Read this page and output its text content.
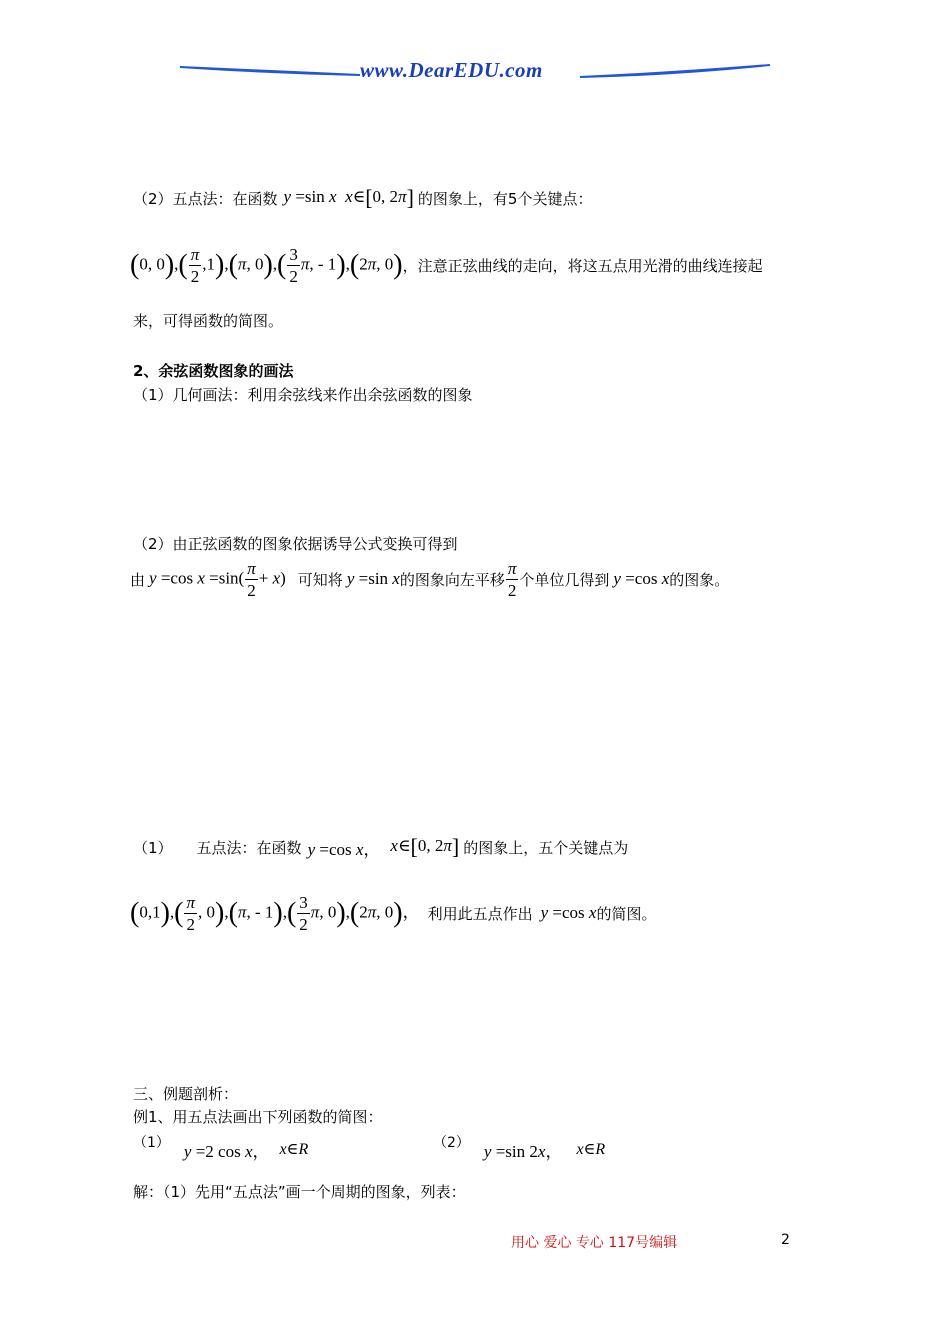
www.DearEDU.com
（2）五点法：在函数 y =sin x x∈[0, 2π] 的图象上，有5个关键点：
(0, $0),( \frac{\pi}{2} ,1),(\pi$, $0),( \frac{3}{2} \pi$, - 1),(2π, 0) ，注意正弦曲线的走向，将这五点用光滑的曲线连接起
来，可得函数的简图。
2、余弦函数图象的画法
（1）几何画法：利用余弦线来作出余弦函数的图象
（2）由正弦函数的图象依据诱导公式变换可得到
由 y =cos $x =\sin( \frac{\pi}{2} + x)$ 可知将 y =sin x 的图象向左平移 $\frac{\pi}{2}$ 个单位几得到 y =cos x 的图象。
（1） 五点法：在函数 y =cos x， x∈[0, 2π] 的图象上，五个关键点为
$(0,1),( \frac{\pi}{2}$ , 0),(π, - $1),( \frac{3}{2} \pi$, 0),(2π, 0)， 利用此五点作出 y =cos x 的简图。
三、例题剖析：
例1、用五点法画出下列函数的简图：
（1） y =2 cos x， x∈R	（2） y =sin 2x， x∈R
解：（1）先用“五点法”画一个周期的图象，列表：
用心 爱心 专心 117号编辑	2
